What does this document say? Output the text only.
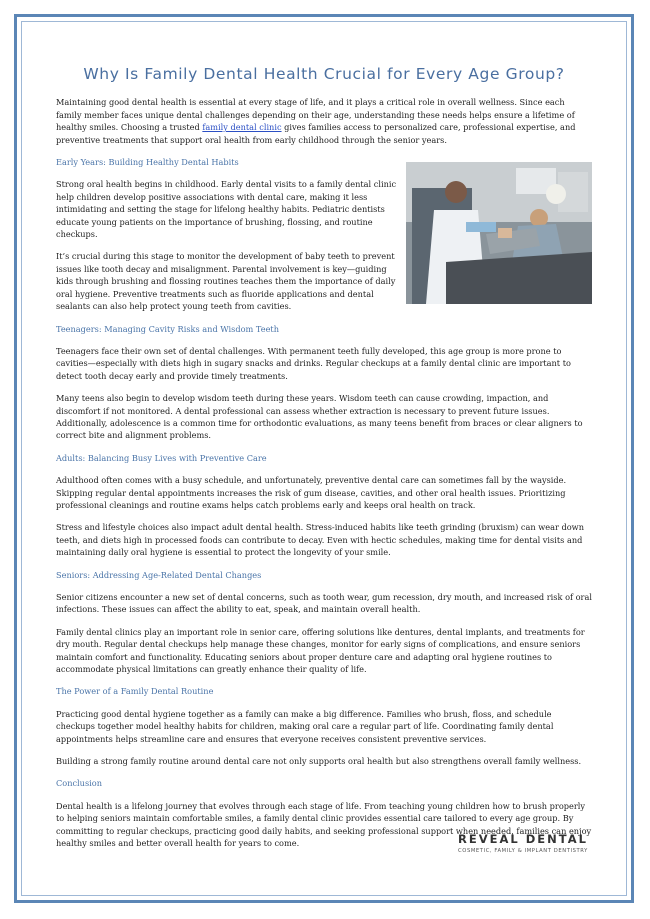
Why Is Family Dental Health Crucial for Every Age Group?

Maintaining good dental health is essential at every stage of life, and it plays a critical role in overall wellness. Since each family member faces unique dental challenges depending on their age, understanding these needs helps ensure a lifetime of healthy smiles. Choosing a trusted family dental clinic gives families access to personalized care, professional expertise, and preventive treatments that support oral health from early childhood through the senior years.

Early Years: Building Healthy Dental Habits

Strong oral health begins in childhood. Early dental visits to a family dental clinic help children develop positive associations with dental care, making it less intimidating and setting the stage for lifelong healthy habits. Pediatric dentists educate young patients on the importance of brushing, flossing, and routine checkups.

It’s crucial during this stage to monitor the development of baby teeth to prevent issues like tooth decay and misalignment. Parental involvement is key—guiding kids through brushing and flossing routines teaches them the importance of daily oral hygiene. Preventive treatments such as fluoride applications and dental sealants can also help protect young teeth from cavities.

Teenagers: Managing Cavity Risks and Wisdom Teeth

Teenagers face their own set of dental challenges. With permanent teeth fully developed, this age group is more prone to cavities—especially with diets high in sugary snacks and drinks. Regular checkups at a family dental clinic are important to detect tooth decay early and provide timely treatments.

Many teens also begin to develop wisdom teeth during these years. Wisdom teeth can cause crowding, impaction, and discomfort if not monitored. A dental professional can assess whether extraction is necessary to prevent future issues. Additionally, adolescence is a common time for orthodontic evaluations, as many teens benefit from braces or clear aligners to correct bite and alignment problems.

Adults: Balancing Busy Lives with Preventive Care

Adulthood often comes with a busy schedule, and unfortunately, preventive dental care can sometimes fall by the wayside. Skipping regular dental appointments increases the risk of gum disease, cavities, and other oral health issues. Prioritizing professional cleanings and routine exams helps catch problems early and keeps oral health on track.

Stress and lifestyle choices also impact adult dental health. Stress-induced habits like teeth grinding (bruxism) can wear down teeth, and diets high in processed foods can contribute to decay. Even with hectic schedules, making time for dental visits and maintaining daily oral hygiene is essential to protect the longevity of your smile.

Seniors: Addressing Age-Related Dental Changes

Senior citizens encounter a new set of dental concerns, such as tooth wear, gum recession, dry mouth, and increased risk of oral infections. These issues can affect the ability to eat, speak, and maintain overall health.

Family dental clinics play an important role in senior care, offering solutions like dentures, dental implants, and treatments for dry mouth. Regular dental checkups help manage these changes, monitor for early signs of complications, and ensure seniors maintain comfort and functionality. Educating seniors about proper denture care and adapting oral hygiene routines to accommodate physical limitations can greatly enhance their quality of life.

The Power of a Family Dental Routine

Practicing good dental hygiene together as a family can make a big difference. Families who brush, floss, and schedule checkups together model healthy habits for children, making oral care a regular part of life. Coordinating family dental appointments helps streamline care and ensures that everyone receives consistent preventive services.

Building a strong family routine around dental care not only supports oral health but also strengthens overall family wellness.

Conclusion

Dental health is a lifelong journey that evolves through each stage of life. From teaching young children how to brush properly to helping seniors maintain comfortable smiles, a family dental clinic provides essential care tailored to every age group. By committing to regular checkups, practicing good daily habits, and seeking professional support when needed, families can enjoy healthy smiles and better overall health for years to come.	REVEAL DENTAL
COSMETIC, FAMILY & IMPLANT DENTISTRY
